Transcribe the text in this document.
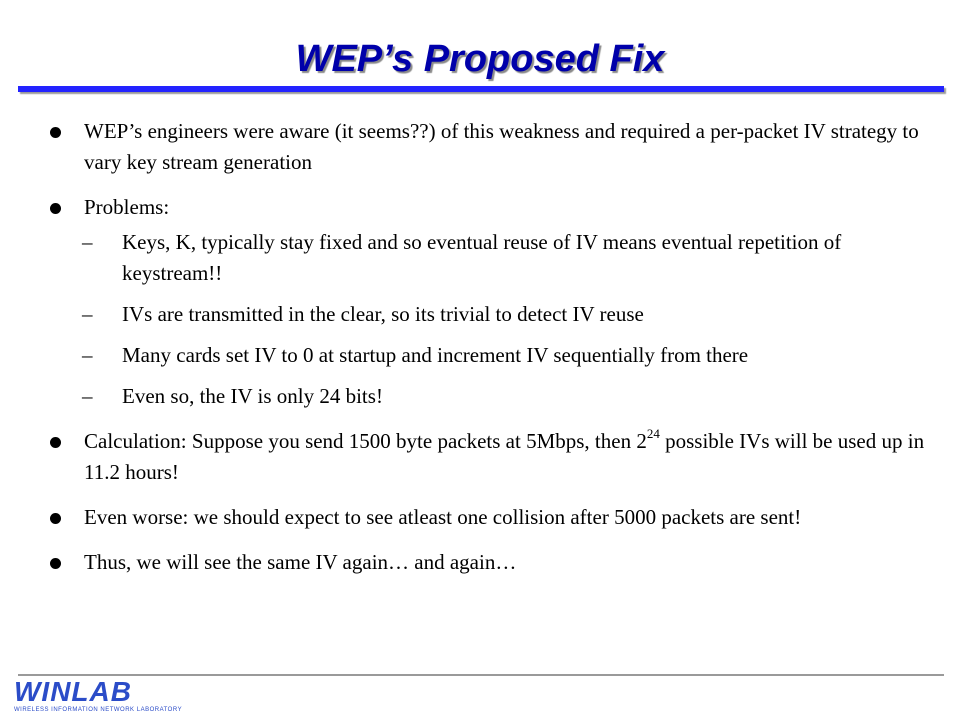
WEP’s Proposed Fix
WEP’s engineers were aware (it seems??) of this weakness and required a per-packet IV strategy to vary key stream generation
Problems:
– Keys, K, typically stay fixed and so eventual reuse of IV means eventual repetition of keystream!!
– IVs are transmitted in the clear, so its trivial to detect IV reuse
– Many cards set IV to 0 at startup and increment IV sequentially from there
– Even so, the IV is only 24 bits!
Calculation: Suppose you send 1500 byte packets at 5Mbps, then $2^{24}$ possible IVs will be used up in 11.2 hours!
Even worse: we should expect to see atleast one collision after 5000 packets are sent!
Thus, we will see the same IV again… and again…
WINLAB
WIRELESS INFORMATION NETWORK LABORATORY
